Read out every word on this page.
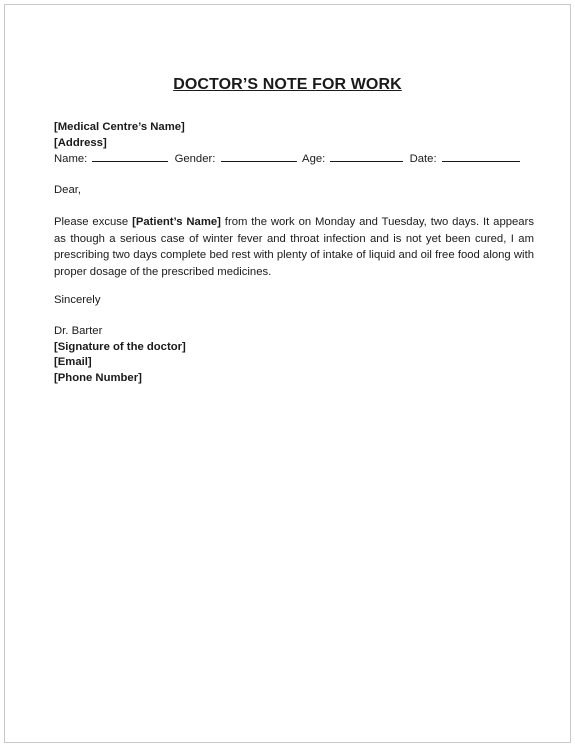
DOCTOR’S NOTE FOR WORK
[Medical Centre’s Name]
[Address]
Name:	Gender:	Age:	Date:
Dear,
Please excuse [Patient’s Name] from the work on Monday and Tuesday, two days. It appears as though a serious case of winter fever and throat infection and is not yet been cured, I am prescribing two days complete bed rest with plenty of intake of liquid and oil free food along with proper dosage of the prescribed medicines.
Sincerely
Dr. Barter
[Signature of the doctor]
[Email]
[Phone Number]
